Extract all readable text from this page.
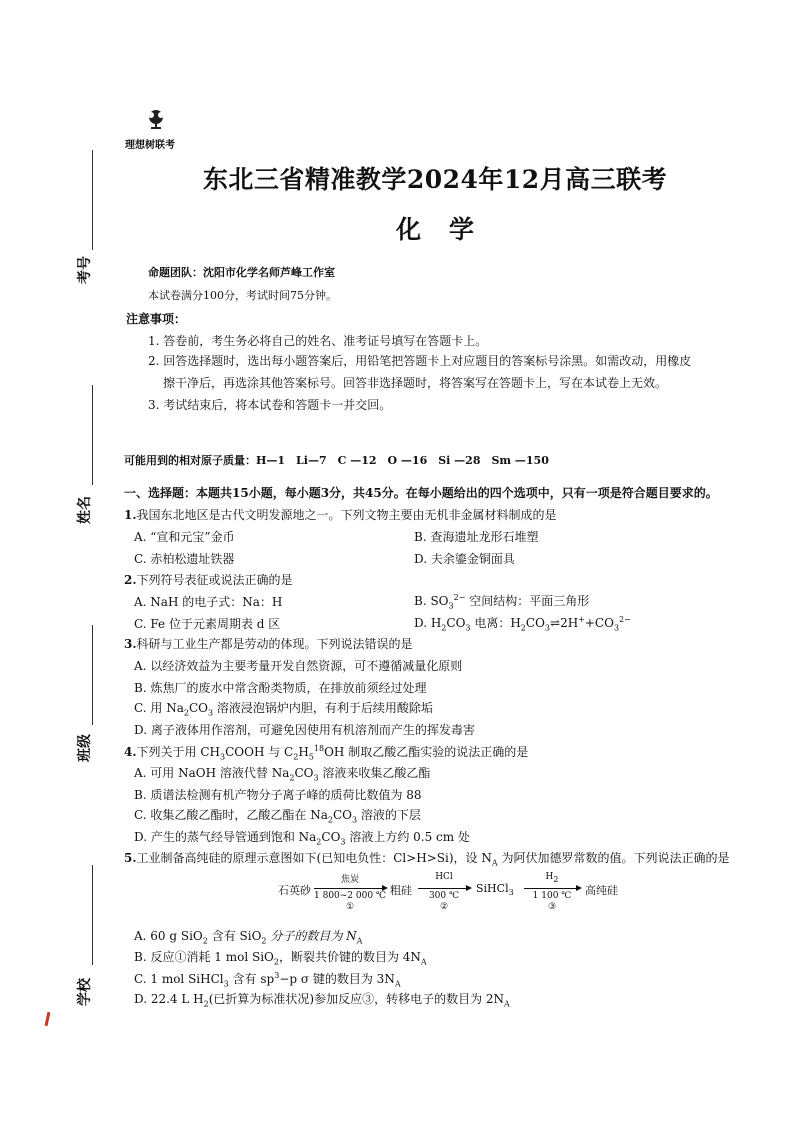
理想树联考
考号
姓名
班级
学校
东北三省精准教学2024年12月高三联考
化学
命题团队：沈阳市化学名师芦峰工作室
本试卷满分100分，考试时间75分钟。
注意事项：
1. 答卷前，考生务必将自己的姓名、准考证号填写在答题卡上。
2. 回答选择题时，选出每小题答案后，用铅笔把答题卡上对应题目的答案标号涂黑。如需改动，用橡皮
擦干净后，再选涂其他答案标号。回答非选择题时，将答案写在答题卡上，写在本试卷上无效。
3. 考试结束后，将本试卷和答题卡一并交回。
可能用到的相对原子质量：H—1　Li—7　C —12　O —16　Si —28　Sm —150
一、选择题：本题共15小题，每小题3分，共45分。在每小题给出的四个选项中，只有一项是符合题目要求的。
1.我国东北地区是古代文明发源地之一。下列文物主要由无机非金属材料制成的是
A. “宣和元宝”金币	B. 查海遗址龙形石堆塑
C. 赤柏松遗址铁器	D. 夫余鎏金铜面具
2.下列符号表征或说法正确的是
A. NaH 的电子式：Na：H	B. $SO_3^{2-}$ 空间结构：平面三角形
C. Fe 位于元素周期表 d 区	D. $H_2CO_3$ 电离：$H_2CO_3\rightleftharpoons 2H^++CO_3^{2-}$
3.科研与工业生产都是劳动的体现。下列说法错误的是
A. 以经济效益为主要考量开发自然资源，可不遵循减量化原则
B. 炼焦厂的废水中常含酚类物质，在排放前须经过处理
C. 用 $Na_2CO_3$ 溶液浸泡锅炉内胆，有利于后续用酸除垢
D. 离子液体用作溶剂，可避免因使用有机溶剂而产生的挥发毒害
4.下列关于用 $CH_3COOH$ 与 $C_2H_5^{18}OH$ 制取乙酸乙酯实验的说法正确的是
A. 可用 NaOH 溶液代替 $Na_2CO_3$ 溶液来收集乙酸乙酯
B. 质谱法检测有机产物分子离子峰的质荷比数值为 88
C. 收集乙酸乙酯时，乙酸乙酯在 $Na_2CO_3$ 溶液的下层
D. 产生的蒸气经导管通到饱和 $Na_2CO_3$ 溶液上方约 0.5 cm 处
5.工业制备高纯硅的原理示意图如下(已知电负性：Cl>H>Si)，设 $N_A$ 为阿伏加德罗常数的值。下列说法正确的是
石英砂
焦炭
1 800~2 000 ℃
①
粗硅
HCl
300 ℃
②
SiHCl$_3$
$H_2$
1 100 ℃
③
高纯硅
A. 60 g SiO$_2$ 含有 SiO$_2$ 分子的数目为 $N_A$
B. 反应①消耗 1 mol SiO$_2$，断裂共价键的数目为 $4N_A$
C. 1 mol SiHCl$_3$ 含有 $sp^3-p$ σ 键的数目为 $3N_A$
D. 22.4 L $H_2$(已折算为标准状况)参加反应③，转移电子的数目为 $2N_A$
